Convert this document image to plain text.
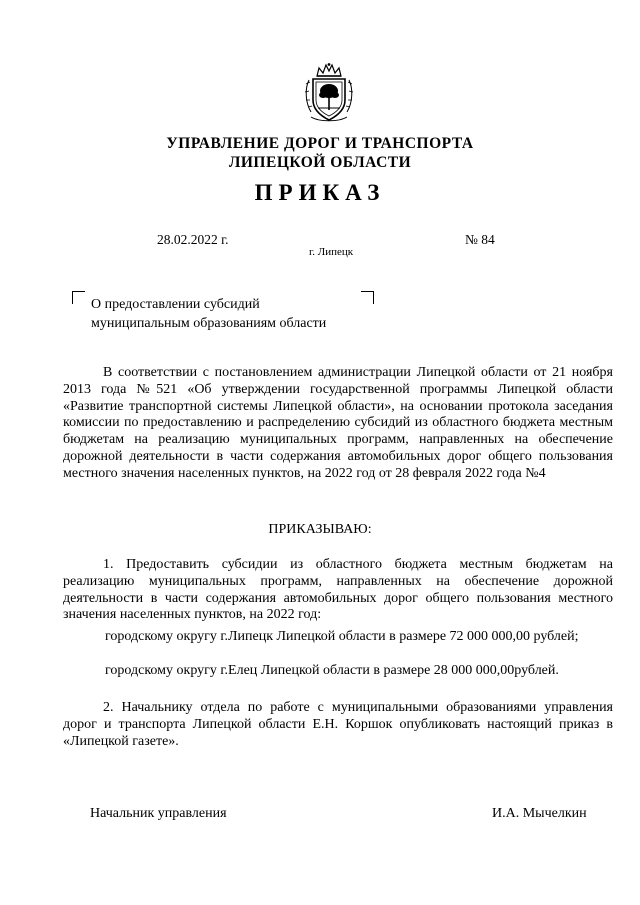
УПРАВЛЕНИЕ ДОРОГ И ТРАНСПОРТА
ЛИПЕЦКОЙ ОБЛАСТИ
ПРИКАЗ
28.02.2022 г.	№ 84
г. Липецк
О предоставлении субсидий
муниципальным образованиям области
В соответствии с постановлением администрации Липецкой области от 21 ноября 2013 года №521 «Об утверждении государственной программы Липецкой области «Развитие транспортной системы Липецкой области», на основании протокола заседания комиссии по предоставлению и распределению субсидий из областного бюджета местным бюджетам на реализацию муниципальных программ, направленных на обеспечение дорожной деятельности в части содержания автомобильных дорог общего пользования местного значения населенных пунктов, на 2022 год от 28 февраля 2022 года №4
ПРИКАЗЫВАЮ:
1. Предоставить субсидии из областного бюджета местным бюджетам на реализацию муниципальных программ, направленных на обеспечение дорожной деятельности в части содержания автомобильных дорог общего пользования местного значения населенных пунктов, на 2022 год:
городскому округу г.Липецк Липецкой области в размере 72 000 000,00 рублей;
городскому округу г.Елец Липецкой области в размере 28 000 000,00рублей.
2. Начальнику отдела по работе с муниципальными образованиями управления дорог и транспорта Липецкой области Е.Н. Коршок опубликовать настоящий приказ в «Липецкой газете».
Начальник управления	И.А. Мычелкин
